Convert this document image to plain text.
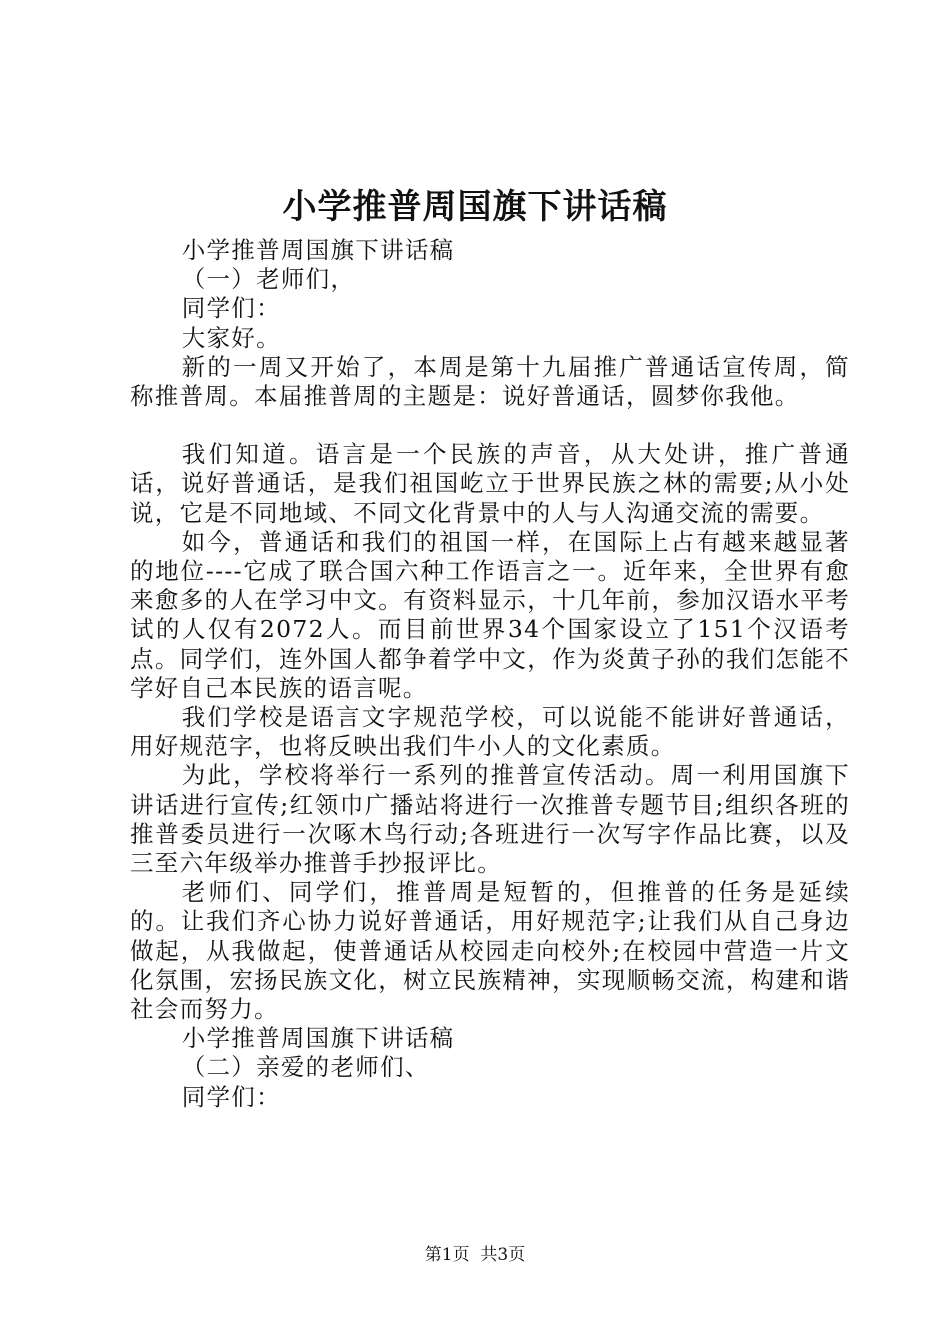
小学推普周国旗下讲话稿

小学推普周国旗下讲话稿

（一）老师们，

同学们：

大家好。

新的一周又开始了，本周是第十九届推广普通话宣传周，简称推普周。本届推普周的主题是：说好普通话，圆梦你我他。

我们知道。语言是一个民族的声音，从大处讲，推广普通话，说好普通话，是我们祖国屹立于世界民族之林的需要;从小处说，它是不同地域、不同文化背景中的人与人沟通交流的需要。

如今，普通话和我们的祖国一样，在国际上占有越来越显著的地位----它成了联合国六种工作语言之一。近年来，全世界有愈来愈多的人在学习中文。有资料显示，十几年前，参加汉语水平考试的人仅有2072人。而目前世界34个国家设立了151个汉语考点。同学们，连外国人都争着学中文，作为炎黄子孙的我们怎能不学好自己本民族的语言呢。

我们学校是语言文字规范学校，可以说能不能讲好普通话，用好规范字，也将反映出我们牛小人的文化素质。

为此，学校将举行一系列的推普宣传活动。周一利用国旗下讲话进行宣传;红领巾广播站将进行一次推普专题节目;组织各班的推普委员进行一次啄木鸟行动;各班进行一次写字作品比赛，以及三至六年级举办推普手抄报评比。

老师们、同学们，推普周是短暂的，但推普的任务是延续的。让我们齐心协力说好普通话，用好规范字;让我们从自己身边做起，从我做起，使普通话从校园走向校外;在校园中营造一片文化氛围，宏扬民族文化，树立民族精神，实现顺畅交流，构建和谐社会而努力。

小学推普周国旗下讲话稿

（二）亲爱的老师们、

同学们：

第1页 共3页
